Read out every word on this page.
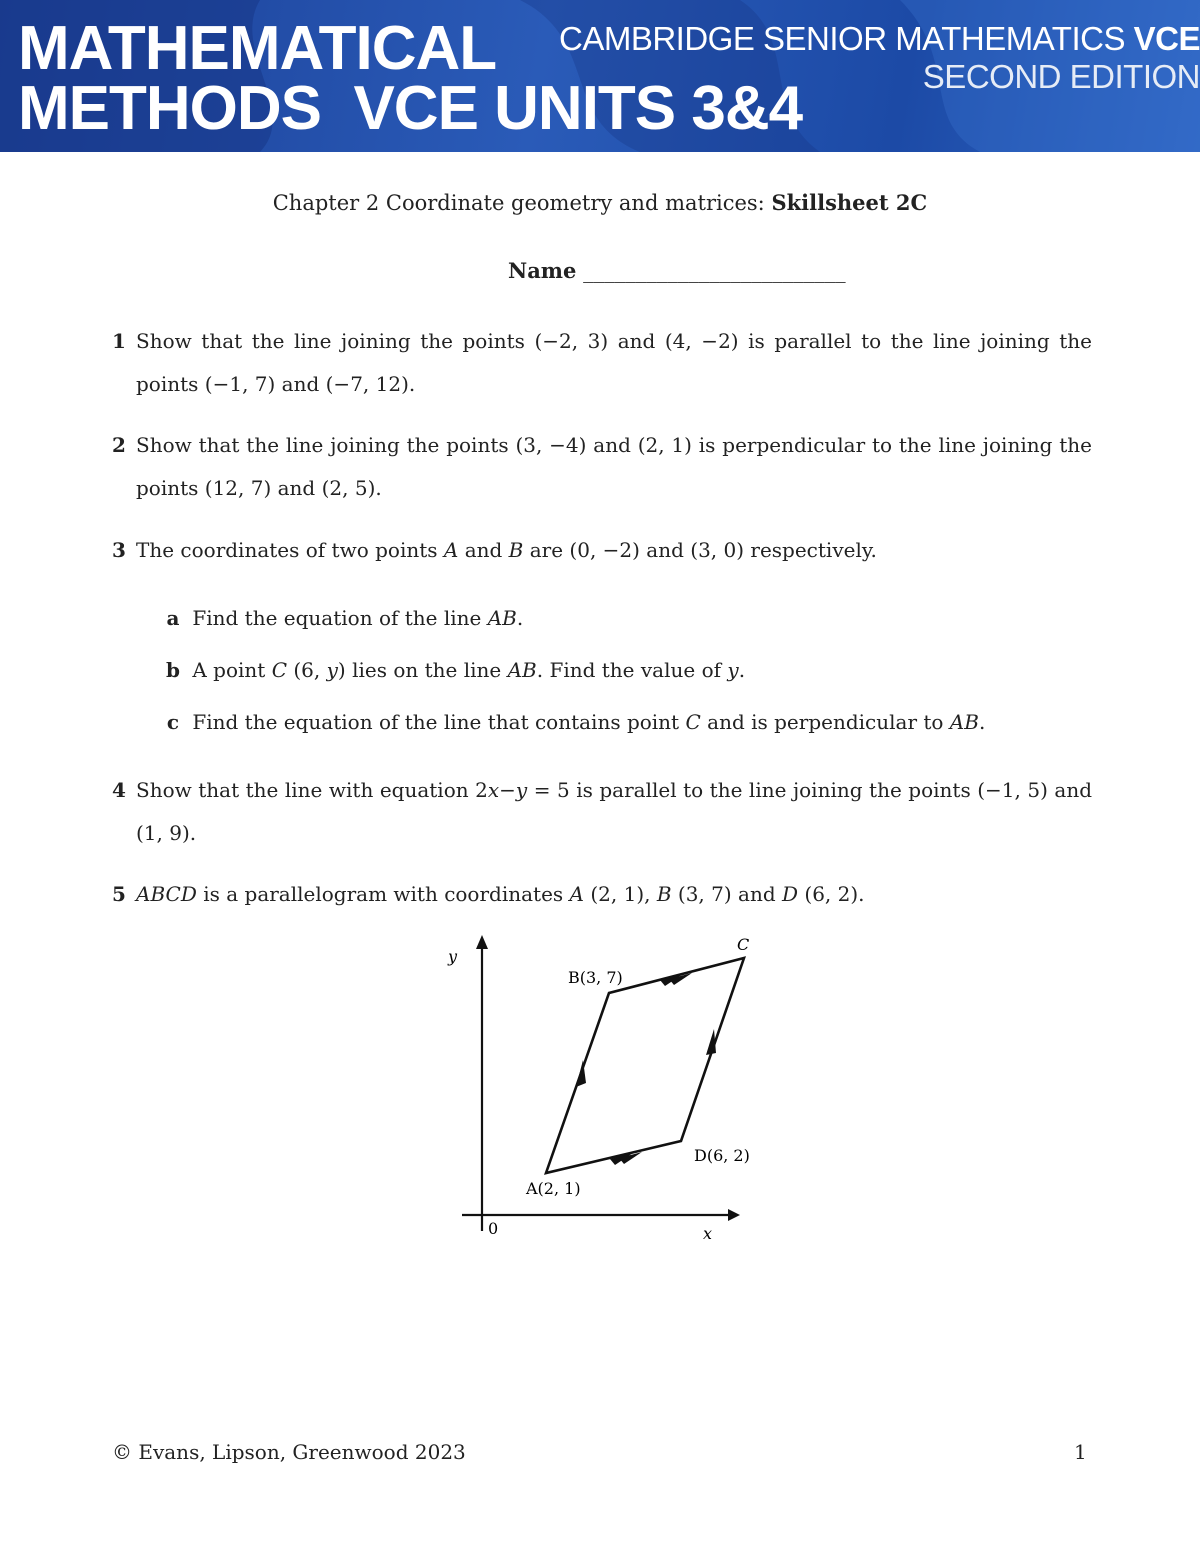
MATHEMATICAL
METHODS  VCE UNITS 3&4
CAMBRIDGE SENIOR MATHEMATICS VCE
SECOND EDITION
Chapter 2 Coordinate geometry and matrices: Skillsheet 2C
Name _________________________
1 Show that the line joining the points (−2, 3) and (4, −2) is parallel to the line joining the points (−1, 7) and (−7, 12).
2 Show that the line joining the points (3, −4) and (2, 1) is perpendicular to the line joining the points (12, 7) and (2, 5).
3 The coordinates of two points A and B are (0, −2) and (3, 0) respectively.
a Find the equation of the line AB.
b A point C (6, y) lies on the line AB. Find the value of y.
c Find the equation of the line that contains point C and is perpendicular to AB.
4 Show that the line with equation 2x−y = 5 is parallel to the line joining the points (−1, 5) and (1, 9).
5 ABCD is a parallelogram with coordinates A (2, 1), B (3, 7) and D (6, 2).
y
x
0
A(2, 1)
B(3, 7)
C
D(6, 2)
© Evans, Lipson, Greenwood 2023	1
